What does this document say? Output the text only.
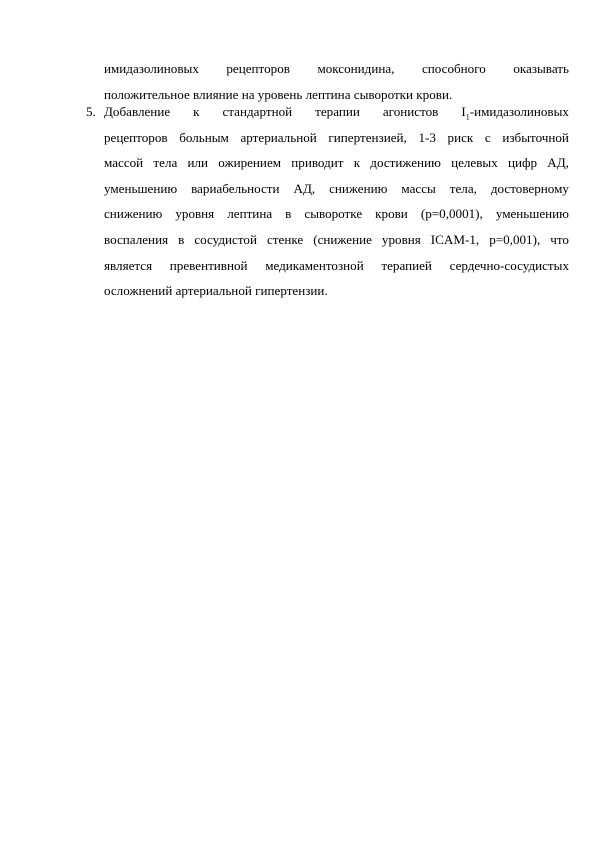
имидазолиновых рецепторов моксонидина, способного оказывать
положительное влияние на уровень лептина сыворотки крови.
5. Добавление к стандартной терапии агонистов $I_1$-имидазолиновых
рецепторов больным артериальной гипертензией, 1-3 риск с избыточной
массой тела или ожирением приводит к достижению целевых цифр АД,
уменьшению вариабельности АД, снижению массы тела, достоверному
снижению уровня лептина в сыворотке крови (p=0,0001), уменьшению
воспаления в сосудистой стенке (снижение уровня ICAM-1, p=0,001), что
является превентивной медикаментозной терапией сердечно-сосудистых
осложнений артериальной гипертензии.
